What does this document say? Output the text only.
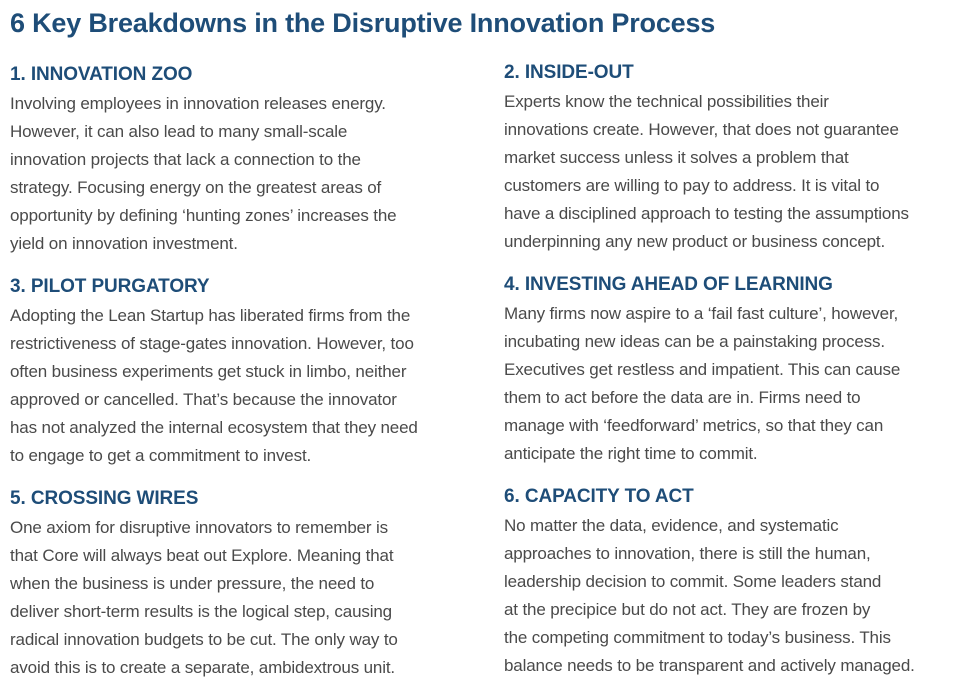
6 Key Breakdowns in the Disruptive Innovation Process
1. INNOVATION ZOO
Involving employees in innovation releases energy.
However, it can also lead to many small-scale
innovation projects that lack a connection to the
strategy. Focusing energy on the greatest areas of
opportunity by defining ‘hunting zones’ increases the
yield on innovation investment.
2. INSIDE-OUT
Experts know the technical possibilities their
innovations create. However, that does not guarantee
market success unless it solves a problem that
customers are willing to pay to address. It is vital to
have a disciplined approach to testing the assumptions
underpinning any new product or business concept.
3. PILOT PURGATORY
Adopting the Lean Startup has liberated firms from the
restrictiveness of stage-gates innovation. However, too
often business experiments get stuck in limbo, neither
approved or cancelled. That’s because the innovator
has not analyzed the internal ecosystem that they need
to engage to get a commitment to invest.
4. INVESTING AHEAD OF LEARNING
Many firms now aspire to a ‘fail fast culture’, however,
incubating new ideas can be a painstaking process.
Executives get restless and impatient. This can cause
them to act before the data are in. Firms need to
manage with ‘feedforward’ metrics, so that they can
anticipate the right time to commit.
5. CROSSING WIRES
One axiom for disruptive innovators to remember is
that Core will always beat out Explore. Meaning that
when the business is under pressure, the need to
deliver short-term results is the logical step, causing
radical innovation budgets to be cut. The only way to
avoid this is to create a separate, ambidextrous unit.
6. CAPACITY TO ACT
No matter the data, evidence, and systematic
approaches to innovation, there is still the human,
leadership decision to commit. Some leaders stand
at the precipice but do not act. They are frozen by
the competing commitment to today’s business. This
balance needs to be transparent and actively managed.
